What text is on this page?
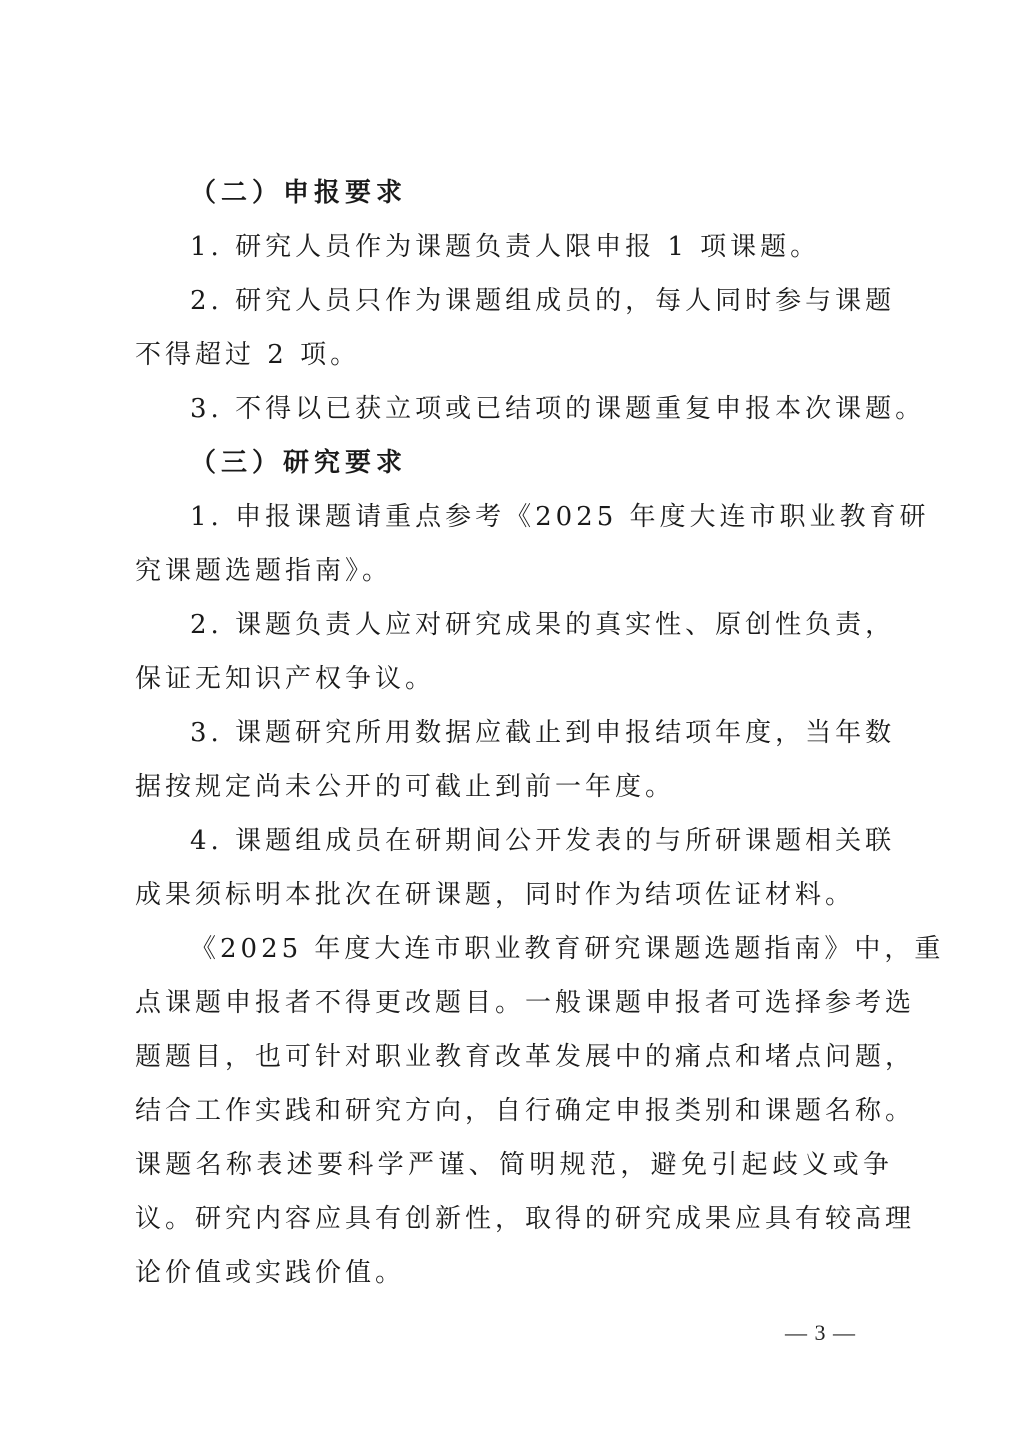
（二）申报要求
1. 研究人员作为课题负责人限申报 1 项课题。
2. 研究人员只作为课题组成员的，每人同时参与课题
不得超过 2 项。
3. 不得以已获立项或已结项的课题重复申报本次课题。
（三）研究要求
1. 申报课题请重点参考《2025 年度大连市职业教育研
究课题选题指南》。
2. 课题负责人应对研究成果的真实性、原创性负责，
保证无知识产权争议。
3. 课题研究所用数据应截止到申报结项年度，当年数
据按规定尚未公开的可截止到前一年度。
4. 课题组成员在研期间公开发表的与所研课题相关联
成果须标明本批次在研课题，同时作为结项佐证材料。
《2025 年度大连市职业教育研究课题选题指南》中，重
点课题申报者不得更改题目。一般课题申报者可选择参考选
题题目，也可针对职业教育改革发展中的痛点和堵点问题，
结合工作实践和研究方向，自行确定申报类别和课题名称。
课题名称表述要科学严谨、简明规范，避免引起歧义或争
议。研究内容应具有创新性，取得的研究成果应具有较高理
论价值或实践价值。
— 3 —
